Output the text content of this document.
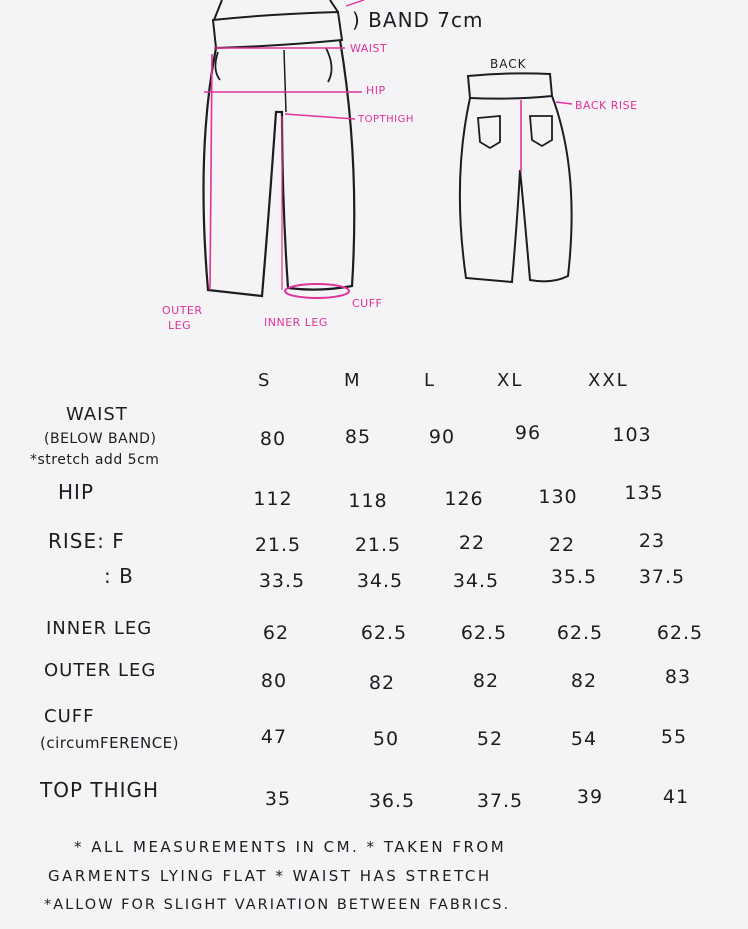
) BAND 7cm
BACK
WAIST
HIP
TOPTHIGH
BACK RISE
CUFF
OUTER
LEG	INNER LEG
S	M	L	XL	XXL
WAIST
(BELOW BAND)
*stretch add 5cm
80	85	90	96	103
HIP	112	118	126	130	135
RISE: F	21.5	21.5	22	22	23
: B	33.5	34.5	34.5	35.5	37.5
INNER LEG	62	62.5	62.5	62.5	62.5
OUTER LEG	80	82	82	82	83
CUFF
(circumFERENCE)	47	50	52	54	55
TOP THIGH	35	36.5	37.5	39	41
* ALL MEASUREMENTS IN CM. * TAKEN FROM
GARMENTS LYING FLAT * WAIST HAS STRETCH
*ALLOW FOR SLIGHT VARIATION BETWEEN FABRICS.
